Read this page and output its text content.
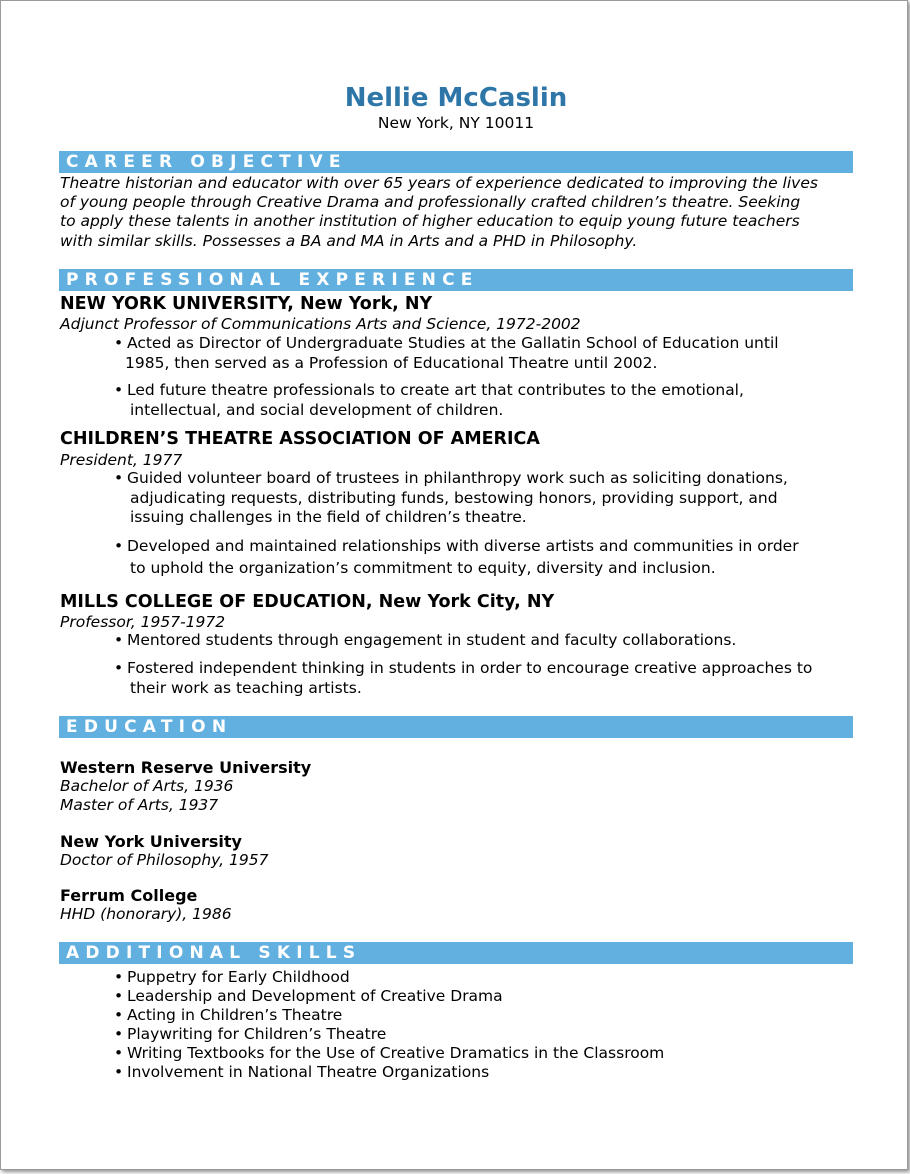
Nellie McCaslin
New York, NY 10011
CAREER OBJECTIVE
Theatre historian and educator with over 65 years of experience dedicated to improving the lives
of young people through Creative Drama and professionally crafted children’s theatre. Seeking
to apply these talents in another institution of higher education to equip young future teachers
with similar skills. Possesses a BA and MA in Arts and a PHD in Philosophy.
PROFESSIONAL EXPERIENCE
NEW YORK UNIVERSITY, New York, NY
Adjunct Professor of Communications Arts and Science, 1972-2002
• Acted as Director of Undergraduate Studies at the Gallatin School of Education until
1985, then served as a Profession of Educational Theatre until 2002.
• Led future theatre professionals to create art that contributes to the emotional,
intellectual, and social development of children.
CHILDREN’S THEATRE ASSOCIATION OF AMERICA
President, 1977
• Guided volunteer board of trustees in philanthropy work such as soliciting donations,
adjudicating requests, distributing funds, bestowing honors, providing support, and
issuing challenges in the field of children’s theatre.
• Developed and maintained relationships with diverse artists and communities in order
to uphold the organization’s commitment to equity, diversity and inclusion.
MILLS COLLEGE OF EDUCATION, New York City, NY
Professor, 1957-1972
• Mentored students through engagement in student and faculty collaborations.
• Fostered independent thinking in students in order to encourage creative approaches to
their work as teaching artists.
EDUCATION
Western Reserve University
Bachelor of Arts, 1936
Master of Arts, 1937
New York University
Doctor of Philosophy, 1957
Ferrum College
HHD (honorary), 1986
ADDITIONAL SKILLS
• Puppetry for Early Childhood
• Leadership and Development of Creative Drama
• Acting in Children’s Theatre
• Playwriting for Children’s Theatre
• Writing Textbooks for the Use of Creative Dramatics in the Classroom
• Involvement in National Theatre Organizations
